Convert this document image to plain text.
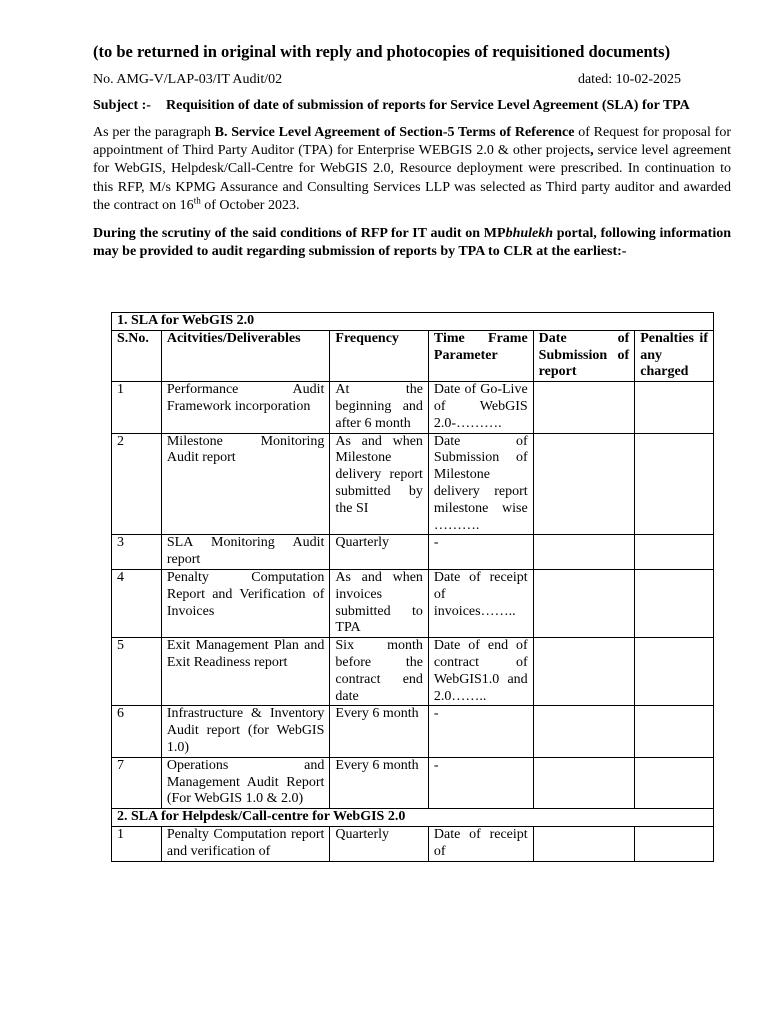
(to be returned in original with reply and photocopies of requisitioned documents)
No. AMG-V/LAP-03/IT Audit/02	dated: 10-02-2025
Subject :-	Requisition of date of submission of reports for Service Level Agreement (SLA) for TPA

As per the paragraph B. Service Level Agreement of Section-5 Terms of Reference of Request for proposal for appointment of Third Party Auditor (TPA) for Enterprise WEBGIS 2.0 & other projects, service level agreement for WebGIS, Helpdesk/Call-Centre for WebGIS 2.0, Resource deployment were prescribed. In continuation to this RFP, M/s KPMG Assurance and Consulting Services LLP was selected as Third party auditor and awarded the contract on 16th of October 2023.

During the scrutiny of the said conditions of RFP for IT audit on MPbhulekh portal, following information may be provided to audit regarding submission of reports by TPA to CLR at the earliest:-

1. SLA for WebGIS 2.0					
S.No.	Acitvities/Deliverables	Frequency	Time Frame Parameter	Date of Submission of report	Penalties if any charged
1	Performance Audit Framework incorporation	At the beginning and after 6 month	Date of Go-Live of WebGIS 2.0-……….		
2	Milestone Monitoring Audit report	As and when Milestone delivery report submitted by the SI	Date of Submission of Milestone delivery report milestone wise ……….		
3	SLA Monitoring Audit report	Quarterly	-		
4	Penalty Computation Report and Verification of Invoices	As and when invoices submitted to TPA	Date of receipt of invoices……..		
5	Exit Management Plan and Exit Readiness report	Six month before the contract end date	Date of end of contract of WebGIS1.0 and 2.0……..		
6	Infrastructure & Inventory Audit report (for WebGIS 1.0)	Every 6 month	-		
7	Operations and Management Audit Report (For WebGIS 1.0 & 2.0)	Every 6 month	-		
2. SLA for Helpdesk/Call-centre for WebGIS 2.0					
1	Penalty Computation report and verification of	Quarterly	Date of receipt of		
